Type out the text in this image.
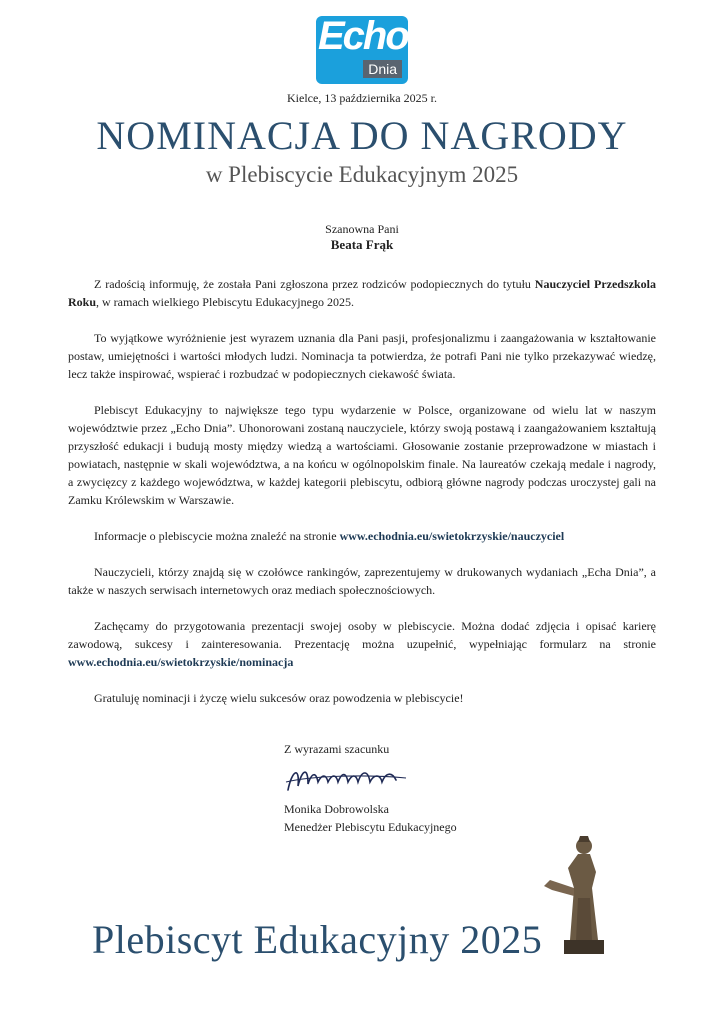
Echo
Dnia
Kielce, 13 października 2025 r.
NOMINACJA DO NAGRODY
w Plebiscycie Edukacyjnym 2025
Szanowna Pani
Beata Frąk

Z radością informuję, że została Pani zgłoszona przez rodziców podopiecznych do tytułu Nauczyciel Przedszkola Roku, w ramach wielkiego Plebiscytu Edukacyjnego 2025.

To wyjątkowe wyróżnienie jest wyrazem uznania dla Pani pasji, profesjonalizmu i zaangażowania w kształtowanie postaw, umiejętności i wartości młodych ludzi. Nominacja ta potwierdza, że potrafi Pani nie tylko przekazywać wiedzę, lecz także inspirować, wspierać i rozbudzać w podopiecznych ciekawość świata.

Plebiscyt Edukacyjny to największe tego typu wydarzenie w Polsce, organizowane od wielu lat w naszym województwie przez „Echo Dnia”. Uhonorowani zostaną nauczyciele, którzy swoją postawą i zaangażowaniem kształtują przyszłość edukacji i budują mosty między wiedzą a wartościami. Głosowanie zostanie przeprowadzone w miastach i powiatach, następnie w skali województwa, a na końcu w ogólnopolskim finale. Na laureatów czekają medale i nagrody, a zwycięzcy z każdego województwa, w każdej kategorii plebiscytu, odbiorą główne nagrody podczas uroczystej gali na Zamku Królewskim w Warszawie.

Informacje o plebiscycie można znaleźć na stronie www.echodnia.eu/swietokrzyskie/nauczyciel

Nauczycieli, którzy znajdą się w czołówce rankingów, zaprezentujemy w drukowanych wydaniach „Echa Dnia”, a także w naszych serwisach internetowych oraz mediach społecznościowych.

Zachęcamy do przygotowania prezentacji swojej osoby w plebiscycie. Można dodać zdjęcia i opisać karierę zawodową, sukcesy i zainteresowania. Prezentację można uzupełnić, wypełniając formularz na stronie www.echodnia.eu/swietokrzyskie/nominacja

Gratuluję nominacji i życzę wielu sukcesów oraz powodzenia w plebiscycie!

Z wyrazami szacunku
Monika Dobrowolska
Menedżer Plebiscytu Edukacyjnego
Plebiscyt Edukacyjny 2025
